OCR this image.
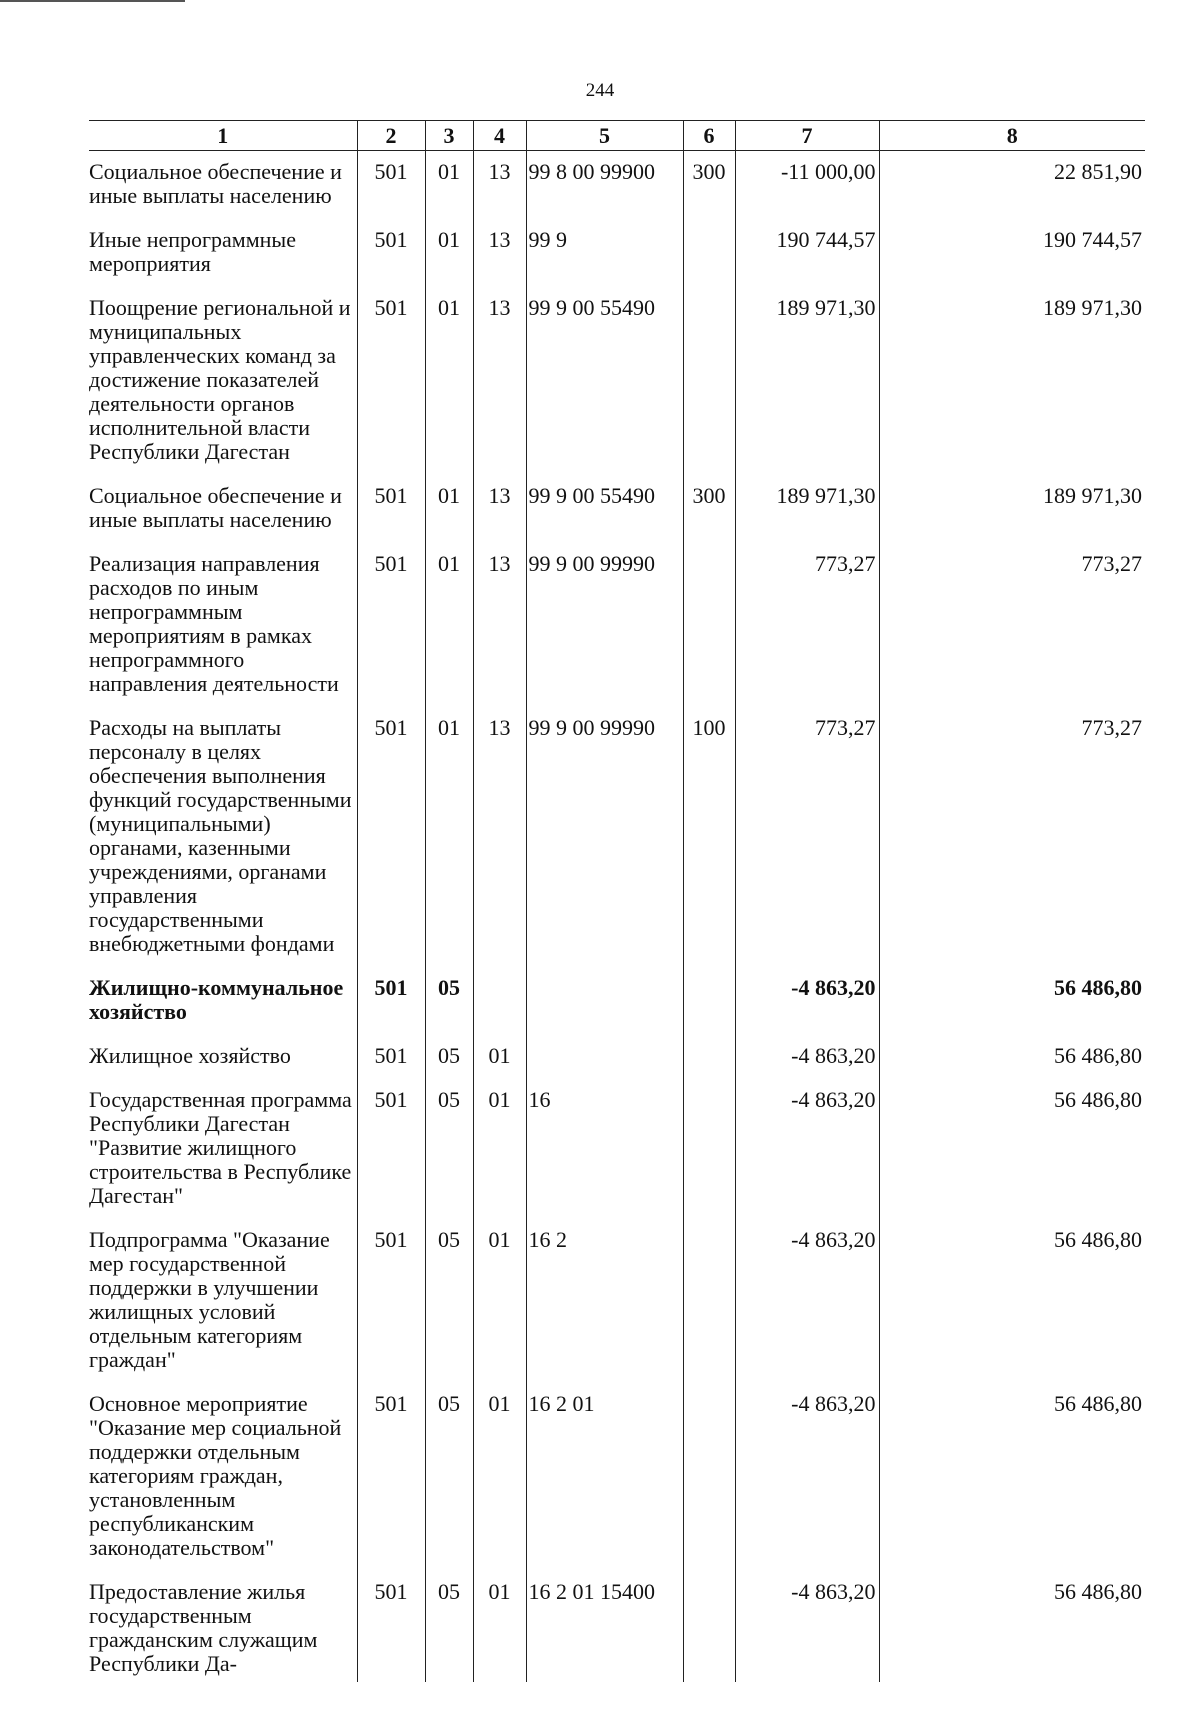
244
1	2	3	4	5	6	7	8
Социальное обеспечение и иные выплаты населению	501	01	13	99 8 00 99900	300	-11 000,00	22 851,90
Иные непрограммные мероприятия	501	01	13	99 9		190 744,57	190 744,57
Поощрение региональной и муниципальных управленческих команд за достижение показателей деятельности органов исполнительной власти Республики Дагестан	501	01	13	99 9 00 55490		189 971,30	189 971,30
Социальное обеспечение и иные выплаты населению	501	01	13	99 9 00 55490	300	189 971,30	189 971,30
Реализация направления расходов по иным непрограммным мероприятиям в рамках непрограммного направления деятельности	501	01	13	99 9 00 99990		773,27	773,27
Расходы на выплаты персоналу в целях обеспечения выполнения функций государственными (муниципальными) органами, казенными учреждениями, органами управления государственными внебюджетными фондами	501	01	13	99 9 00 99990	100	773,27	773,27
Жилищно-коммунальное хозяйство	501	05				-4 863,20	56 486,80
Жилищное хозяйство	501	05	01			-4 863,20	56 486,80
Государственная программа Республики Дагестан "Развитие жилищного строительства в Республике Дагестан"	501	05	01	16		-4 863,20	56 486,80
Подпрограмма "Оказание мер государственной поддержки в улучшении жилищных условий отдельным категориям граждан"	501	05	01	16 2		-4 863,20	56 486,80
Основное мероприятие "Оказание мер социальной поддержки отдельным категориям граждан, установленным республиканским законодательством"	501	05	01	16 2 01		-4 863,20	56 486,80
Предоставление жилья государственным гражданским служащим Республики Да-	501	05	01	16 2 01 15400		-4 863,20	56 486,80
